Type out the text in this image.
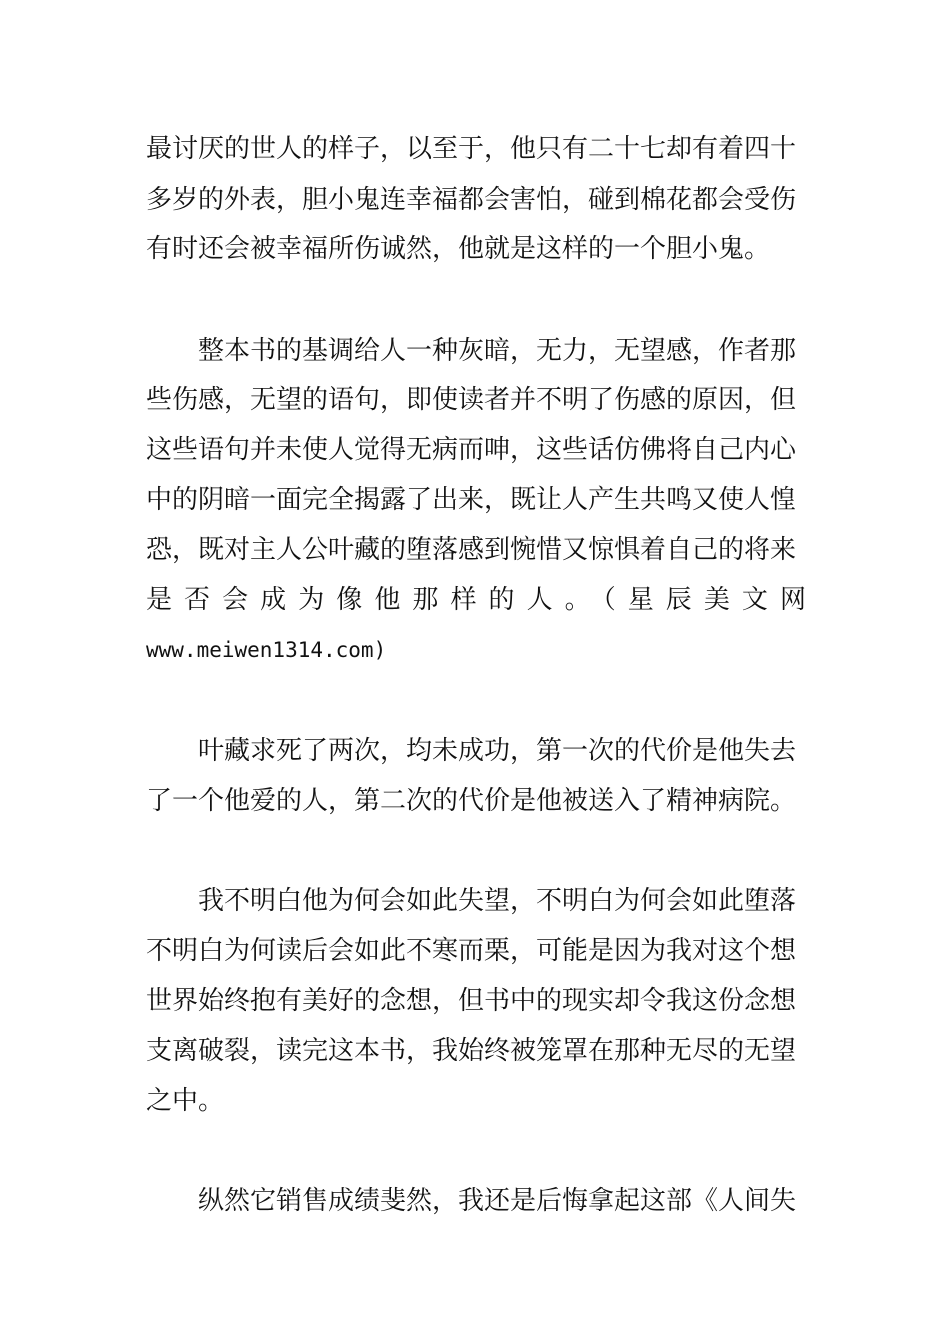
最讨厌的世人的样子，以至于，他只有二十七却有着四十
多岁的外表，胆小鬼连幸福都会害怕，碰到棉花都会受伤
有时还会被幸福所伤诚然，他就是这样的一个胆小鬼。
整本书的基调给人一种灰暗，无力，无望感，作者那
些伤感，无望的语句，即使读者并不明了伤感的原因，但
这些语句并未使人觉得无病而呻，这些话仿佛将自己内心
中的阴暗一面完全揭露了出来，既让人产生共鸣又使人惶
恐，既对主人公叶藏的堕落感到惋惜又惊惧着自己的将来
是否会成为像他那样的人。（星辰美文网
www.meiwen1314.com)
叶藏求死了两次，均未成功，第一次的代价是他失去
了一个他爱的人，第二次的代价是他被送入了精神病院。
我不明白他为何会如此失望，不明白为何会如此堕落
不明白为何读后会如此不寒而栗，可能是因为我对这个想
世界始终抱有美好的念想，但书中的现实却令我这份念想
支离破裂，读完这本书，我始终被笼罩在那种无尽的无望
之中。
纵然它销售成绩斐然，我还是后悔拿起这部《人间失
